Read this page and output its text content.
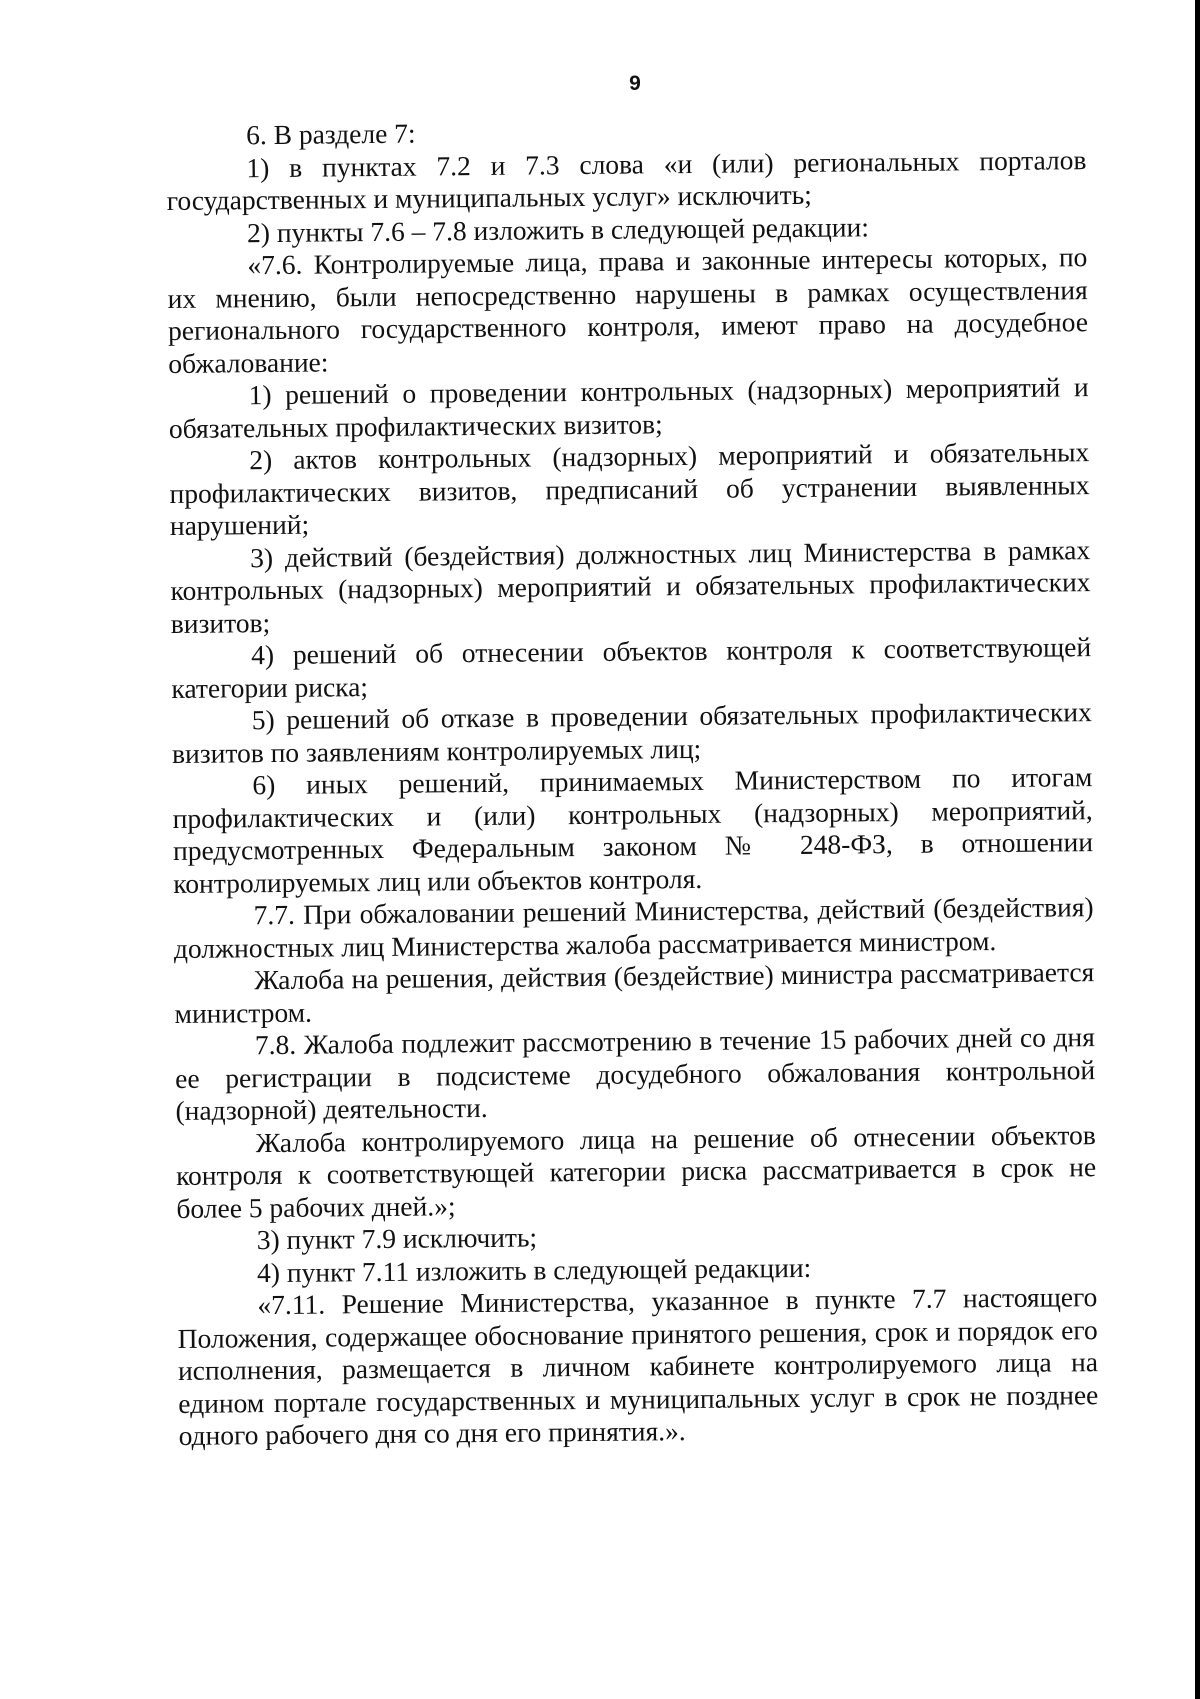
9

6. В разделе 7:

1) в пунктах 7.2 и 7.3 слова «и (или) региональных порталов государственных и муниципальных услуг» исключить;

2) пункты 7.6 – 7.8 изложить в следующей редакции:

«7.6. Контролируемые лица, права и законные интересы которых, по их мнению, были непосредственно нарушены в рамках осуществления регионального государственного контроля, имеют право на досудебное обжалование:

1) решений о проведении контрольных (надзорных) мероприятий и обязательных профилактических визитов;

2) актов контрольных (надзорных) мероприятий и обязательных профилактических визитов, предписаний об устранении выявленных нарушений;

3) действий (бездействия) должностных лиц Министерства в рамках контрольных (надзорных) мероприятий и обязательных профилактических визитов;

4) решений об отнесении объектов контроля к соответствующей категории риска;

5) решений об отказе в проведении обязательных профилактических визитов по заявлениям контролируемых лиц;

6) иных решений, принимаемых Министерством по итогам профилактических и (или) контрольных (надзорных) мероприятий, предусмотренных Федеральным законом № 248-ФЗ, в отношении контролируемых лиц или объектов контроля.

7.7. При обжаловании решений Министерства, действий (бездействия) должностных лиц Министерства жалоба рассматривается министром.

Жалоба на решения, действия (бездействие) министра рассматривается министром.

7.8. Жалоба подлежит рассмотрению в течение 15 рабочих дней со дня ее регистрации в подсистеме досудебного обжалования контрольной (надзорной) деятельности.

Жалоба контролируемого лица на решение об отнесении объектов контроля к соответствующей категории риска рассматривается в срок не более 5 рабочих дней.»;

3) пункт 7.9 исключить;

4) пункт 7.11 изложить в следующей редакции:

«7.11. Решение Министерства, указанное в пункте 7.7 настоящего Положения, содержащее обоснование принятого решения, срок и порядок его исполнения, размещается в личном кабинете контролируемого лица на едином портале государственных и муниципальных услуг в срок не позднее одного рабочего дня со дня его принятия.».
